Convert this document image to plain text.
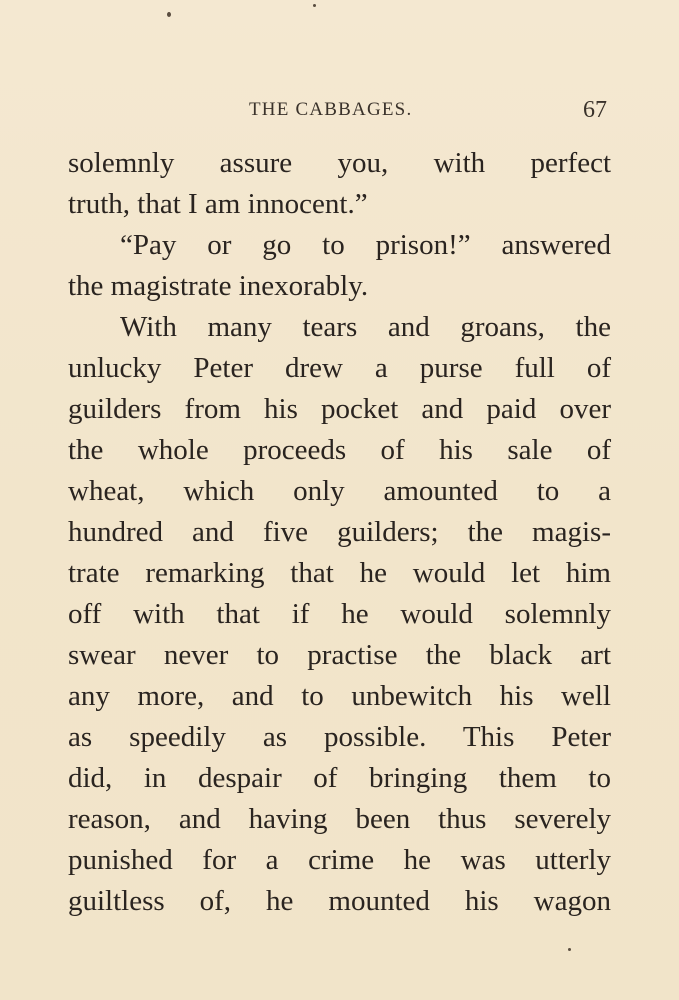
THE CABBAGES.	67
solemnly assure you, with perfect
truth, that I am innocent.”
“Pay or go to prison!” answered
the magistrate inexorably.
With many tears and groans, the
unlucky Peter drew a purse full of
guilders from his pocket and paid over
the whole proceeds of his sale of
wheat, which only amounted to a
hundred and five guilders; the magis-
trate remarking that he would let him
off with that if he would solemnly
swear never to practise the black art
any more, and to unbewitch his well
as speedily as possible. This Peter
did, in despair of bringing them to
reason, and having been thus severely
punished for a crime he was utterly
guiltless of, he mounted his wagon
